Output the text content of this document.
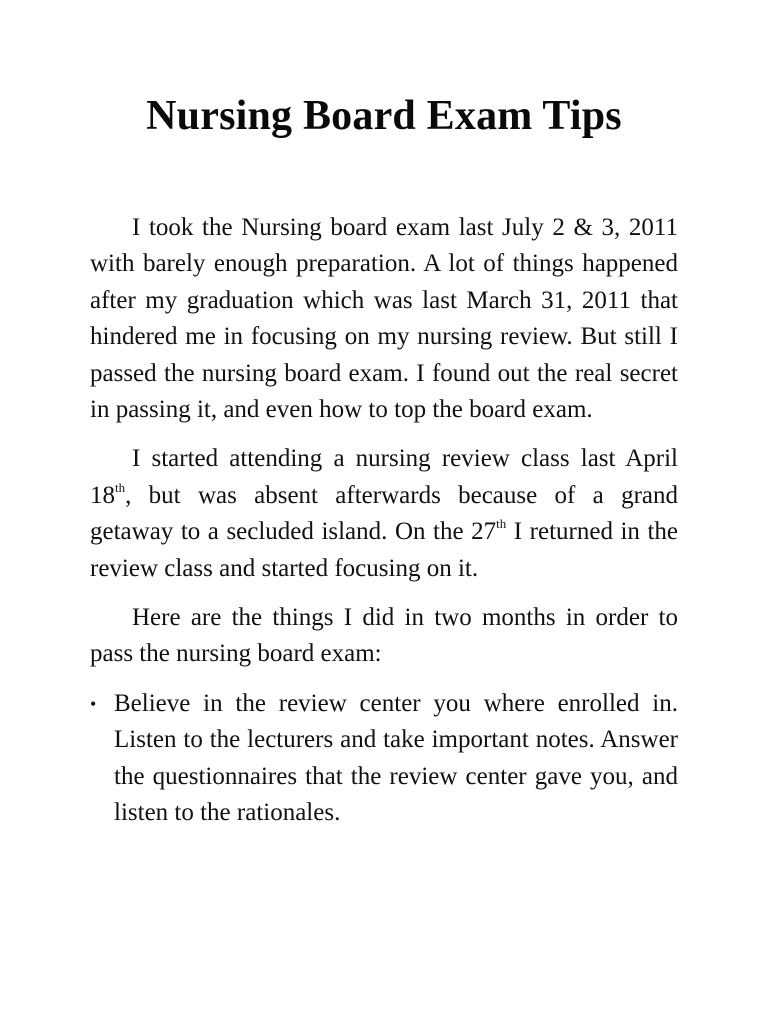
Nursing Board Exam Tips

I took the Nursing board exam last July 2 & 3, 2011 with barely enough preparation. A lot of things happened after my graduation which was last March 31, 2011 that hindered me in focusing on my nursing review. But still I passed the nursing board exam. I found out the real secret in passing it, and even how to top the board exam.

I started attending a nursing review class last April 18th, but was absent afterwards because of a grand getaway to a secluded island. On the 27th I returned in the review class and started focusing on it.

Here are the things I did in two months in order to pass the nursing board exam:

• Believe in the review center you where enrolled in. Listen to the lecturers and take important notes. Answer the questionnaires that the review center gave you, and listen to the rationales.
